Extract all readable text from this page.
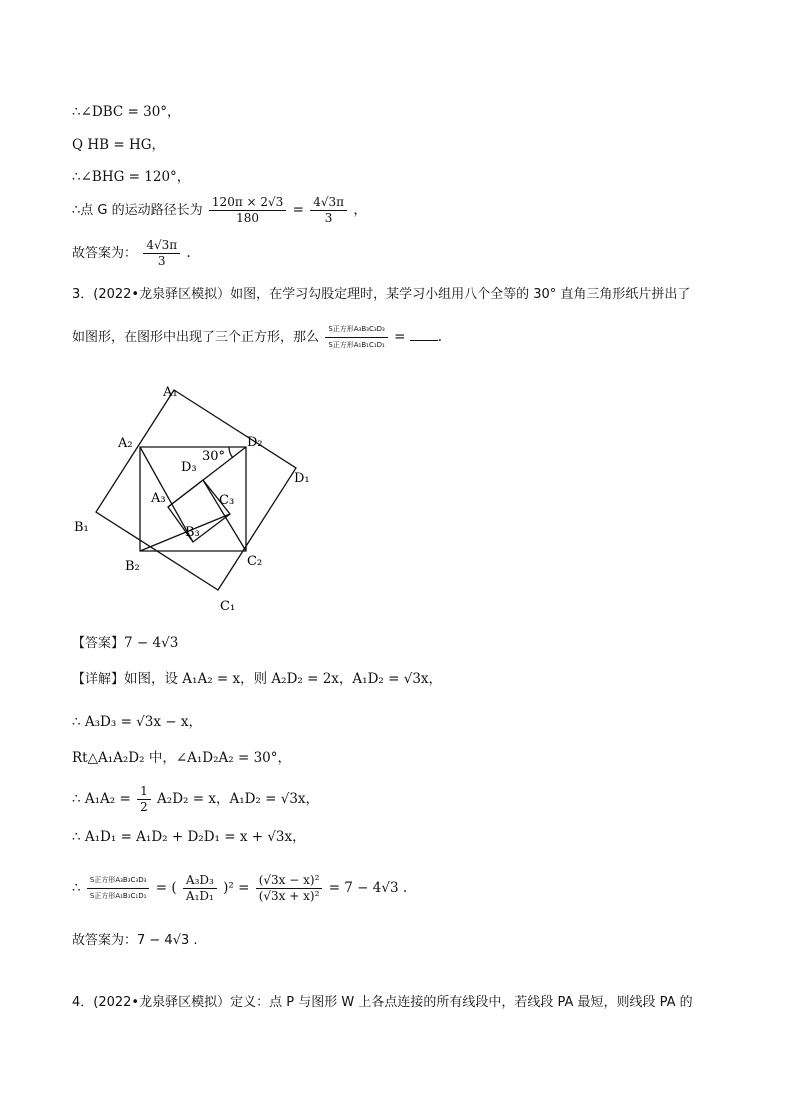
∴∠DBC = 30°，
Q HB = HG，
∴∠BHG = 120°，
∴点 G 的运动路径长为 $\frac{120\pi \times 2√3}{180} = \frac{4√3\pi}{3}$ ，
故答案为： $\frac{4√3\pi}{3}$ .
3．(2022•龙泉驿区模拟）如图，在学习勾股定理时，某学习小组用八个全等的 30° 直角三角形纸片拼出了
如图形，在图形中出现了三个正方形，那么 $\frac{\text{S正方形A₃B₃C₃D₃}}{\text{S正方形A₁B₁C₁D₁}}$ = .
A₁
A₂
A₃
B₁
B₂
B₃
C₁
C₂
C₃
D₁
D₂
D₃
30°
【答案】7 − 4√3
【详解】如图，设 A₁A₂ = x，则 A₂D₂ = 2x，A₁D₂ = √3x，
∴ A₃D₃ = √3x − x，
Rt△A₁A₂D₂ 中，∠A₁D₂A₂ = 30°，
∴ $A_1A_2 = \frac{1}{2} A_2D_2 = x$，A₁D₂ = √3x，
∴ A₁D₁ = A₁D₂ + D₂D₁ = x + √3x，
∴ $\frac{\text{S正方形A₃B₃C₃D₃}}{\text{S正方形A₁B₁C₁D₁}}$ = ( $\frac{\text{A₃D₃}}{\text{A₁D₁}} )^2 = \frac{\text{(√3x − x)²}}{\text{(√3x + x)²}} = 7 - 4√3$ .
故答案为：7 − 4√3 .
4．(2022•龙泉驿区模拟）定义：点 P 与图形 W 上各点连接的所有线段中，若线段 PA 最短，则线段 PA 的
